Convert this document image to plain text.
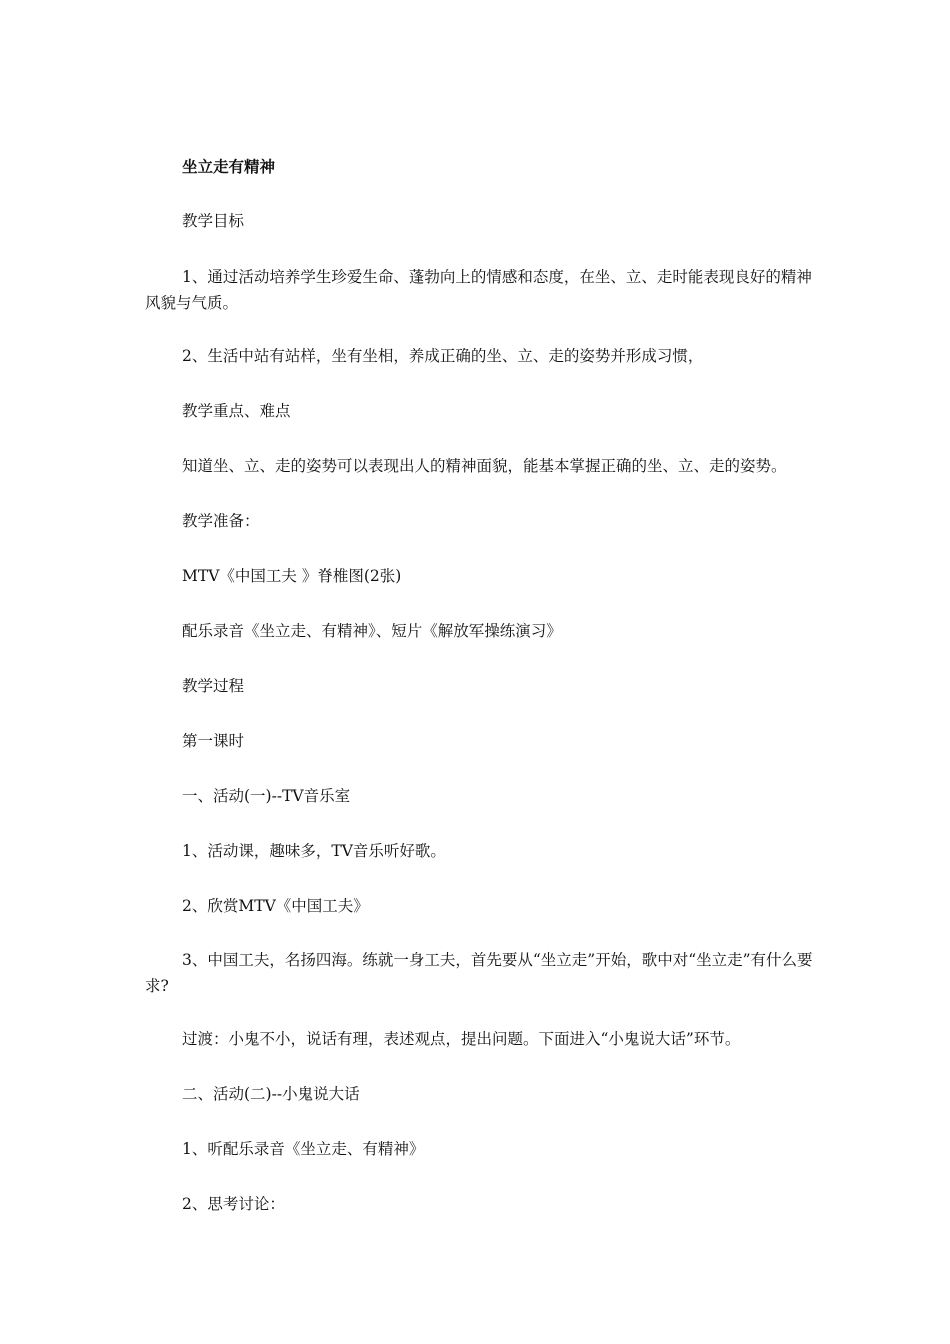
坐立走有精神

教学目标

1、通过活动培养学生珍爱生命、蓬勃向上的情感和态度，在坐、立、走时能表现良好的精神风貌与气质。

2、生活中站有站样，坐有坐相，养成正确的坐、立、走的姿势并形成习惯，

教学重点、难点

知道坐、立、走的姿势可以表现出人的精神面貌，能基本掌握正确的坐、立、走的姿势。

教学准备：

MTV《中国工夫 》脊椎图(2张)

配乐录音《坐立走、有精神》、短片《解放军操练演习》

教学过程

第一课时

一、活动(一)--TV音乐室

1、活动课，趣味多，TV音乐听好歌。

2、欣赏MTV《中国工夫》

3、中国工夫，名扬四海。练就一身工夫，首先要从“坐立走”开始，歌中对“坐立走”有什么要求?

过渡：小鬼不小，说话有理，表述观点，提出问题。下面进入“小鬼说大话”环节。

二、活动(二)--小鬼说大话

1、听配乐录音《坐立走、有精神》

2、思考讨论：
